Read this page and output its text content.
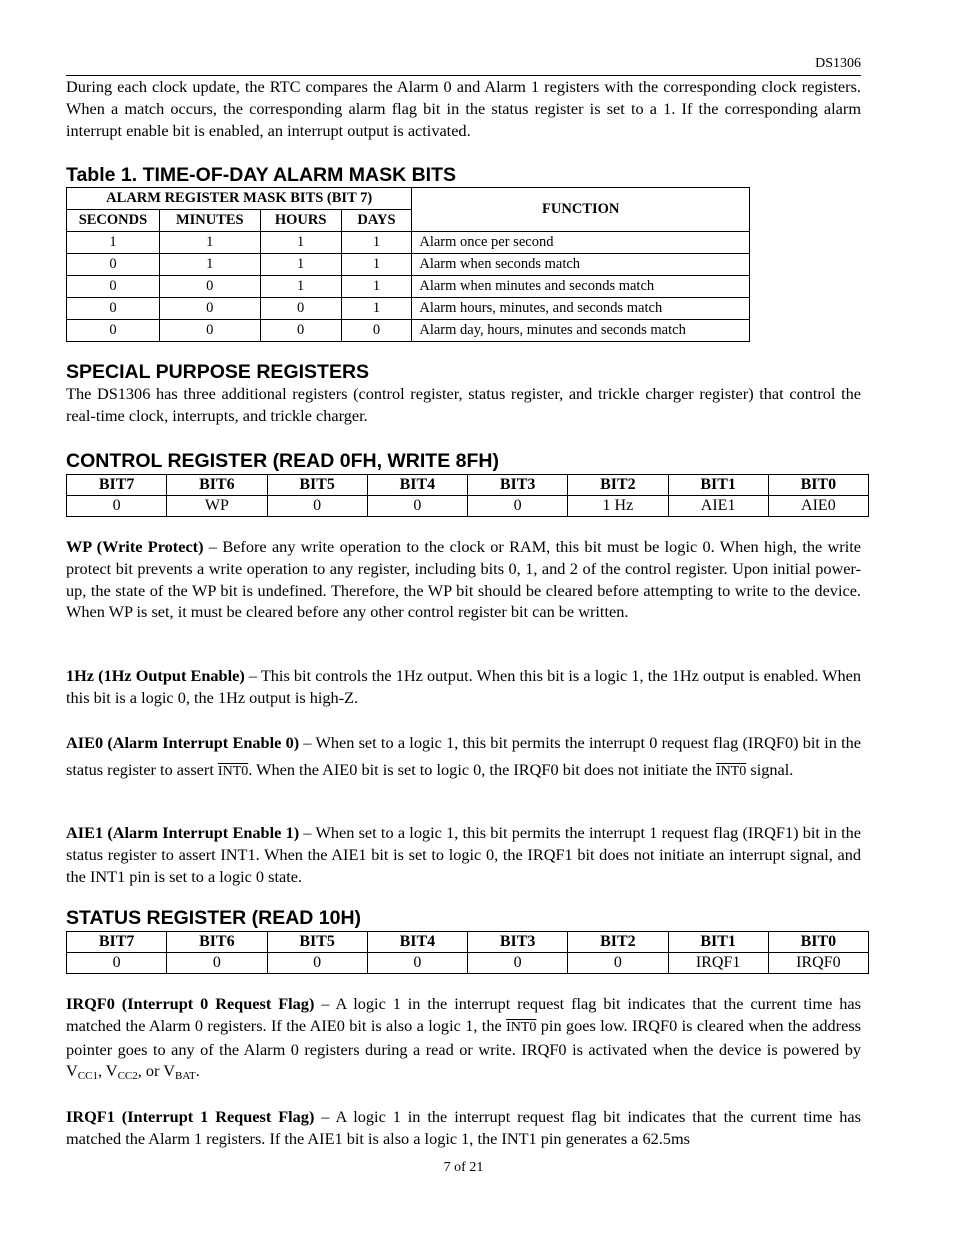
DS1306

During each clock update, the RTC compares the Alarm 0 and Alarm 1 registers with the corresponding clock registers. When a match occurs, the corresponding alarm flag bit in the status register is set to a 1. If the corresponding alarm interrupt enable bit is enabled, an interrupt output is activated.

Table 1. TIME-OF-DAY ALARM MASK BITS
ALARM REGISTER MASK BITS (BIT 7)				FUNCTION
SECONDS	MINUTES	HOURS	DAYS	
1	1	1	1	Alarm once per second
0	1	1	1	Alarm when seconds match
0	0	1	1	Alarm when minutes and seconds match
0	0	0	1	Alarm hours, minutes, and seconds match
0	0	0	0	Alarm day, hours, minutes and seconds match
SPECIAL PURPOSE REGISTERS

The DS1306 has three additional registers (control register, status register, and trickle charger register) that control the real-time clock, interrupts, and trickle charger.

CONTROL REGISTER (READ 0FH, WRITE 8FH)
BIT7	BIT6	BIT5	BIT4	BIT3	BIT2	BIT1	BIT0
0	WP	0	0	0	1 Hz	AIE1	AIE0

WP (Write Protect) – Before any write operation to the clock or RAM, this bit must be logic 0. When high, the write protect bit prevents a write operation to any register, including bits 0, 1, and 2 of the control register. Upon initial power-up, the state of the WP bit is undefined. Therefore, the WP bit should be cleared before attempting to write to the device. When WP is set, it must be cleared before any other control register bit can be written.

1Hz (1Hz Output Enable) – This bit controls the 1Hz output. When this bit is a logic 1, the 1Hz output is enabled. When this bit is a logic 0, the 1Hz output is high-Z.

AIE0 (Alarm Interrupt Enable 0) – When set to a logic 1, this bit permits the interrupt 0 request flag (IRQF0) bit in the status register to assert INT0. When the AIE0 bit is set to logic 0, the IRQF0 bit does not initiate the INT0 signal.

AIE1 (Alarm Interrupt Enable 1) – When set to a logic 1, this bit permits the interrupt 1 request flag (IRQF1) bit in the status register to assert INT1. When the AIE1 bit is set to logic 0, the IRQF1 bit does not initiate an interrupt signal, and the INT1 pin is set to a logic 0 state.

STATUS REGISTER (READ 10H)
BIT7	BIT6	BIT5	BIT4	BIT3	BIT2	BIT1	BIT0
0	0	0	0	0	0	IRQF1	IRQF0

IRQF0 (Interrupt 0 Request Flag) – A logic 1 in the interrupt request flag bit indicates that the current time has matched the Alarm 0 registers. If the AIE0 bit is also a logic 1, the INT0 pin goes low. IRQF0 is cleared when the address pointer goes to any of the Alarm 0 registers during a read or write. IRQF0 is activated when the device is powered by $V_{CC1}$, $V_{CC2}$, or $V_{BAT}$.

IRQF1 (Interrupt 1 Request Flag) – A logic 1 in the interrupt request flag bit indicates that the current time has matched the Alarm 1 registers. If the AIE1 bit is also a logic 1, the INT1 pin generates a 62.5ms

7 of 21
